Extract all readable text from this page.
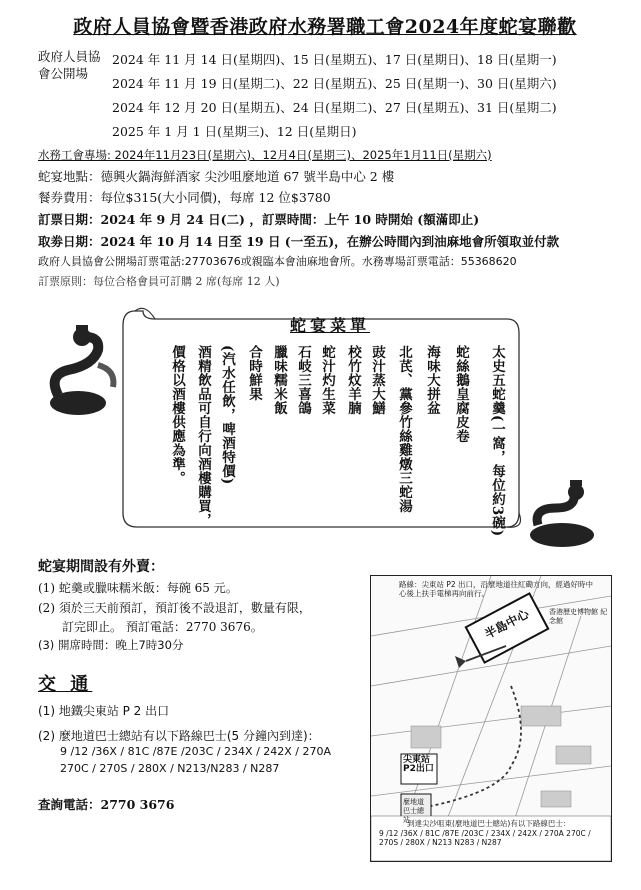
政府人員協會暨香港政府水務署職工會2024年度蛇宴聯歡
政府人員協會公開場
2024 年 11 月 14 日(星期四)、15 日(星期五)、17 日(星期日)、18 日(星期一)
2024 年 11 月 19 日(星期二)、22 日(星期五)、25 日(星期一)、30 日(星期六)
2024 年 12 月 20 日(星期五)、24 日(星期二)、27 日(星期五)、31 日(星期二)
2025 年 1 月 1 日(星期三)、12 日(星期日)
水務工會專場: 2024年11月23日(星期六)、12月4日(星期三)、2025年1月11日(星期六)
蛇宴地點：德興火鍋海鮮酒家 尖沙咀麼地道 67 號半島中心 2 樓
餐券費用：每位$315(大小同價)，每席 12 位$3780
訂票日期：2024 年 9 月 24 日(二) ，訂票時間：上午 10 時開始 (額滿即止)
取劵日期：2024 年 10 月 14 日至 19 日 (一至五)，在辦公時間內到油麻地會所領取並付款
政府人員協會公開場訂票電話:27703676或親臨本會油麻地會所。水務專場訂票電話：55368620
訂票原則：每位合格會員可訂購 2 席(每席 12 人)
蛇宴菜單
太史五蛇羹(一窩，每位約3碗)
蛇絲鵝皇腐皮卷
海味大拼盆
北芪、黨參竹絲雞燉三蛇湯
豉汁蒸大鱔
校竹炆羊腩
蛇汁灼生菜
石岐三喜鴿
臘味糯米飯
合時鮮果
(汽水任飲，啤酒特價)
酒精飲品可自行向酒樓購買，
價格以酒樓供應為準。
蛇宴期間設有外賣：
(1) 蛇羹或臘味糯米飯：每碗 65 元。
(2) 須於三天前預訂，預訂後不設退訂，數量有限，
訂完即止。 預訂電話：2770 3676。
(3) 開席時間：晚上7時30分
交 通
(1) 地鐵尖東站 P 2 出口
(2) 麼地道巴士總站有以下路線巴士(5 分鐘內到達)：
9 /12 /36X / 81C /87E /203C / 234X / 242X / 270A
270C / 270S / 280X / N213/N283 / N287
查詢電話：2770 3676
路線：尖東站 P2 出口，沿麼地道往紅磡方向，經過好時中心後上扶手電梯再向前行。
半島中心	香港歷史博物館 紀念館
尖東站 P2出口
麼地道巴士總站
到達尖沙咀東(麼地道巴士總站)有以下路線巴士：
9 /12 /36X / 81C /87E /203C / 234X / 242X / 270A 270C / 270S / 280X / N213 N283 / N287
